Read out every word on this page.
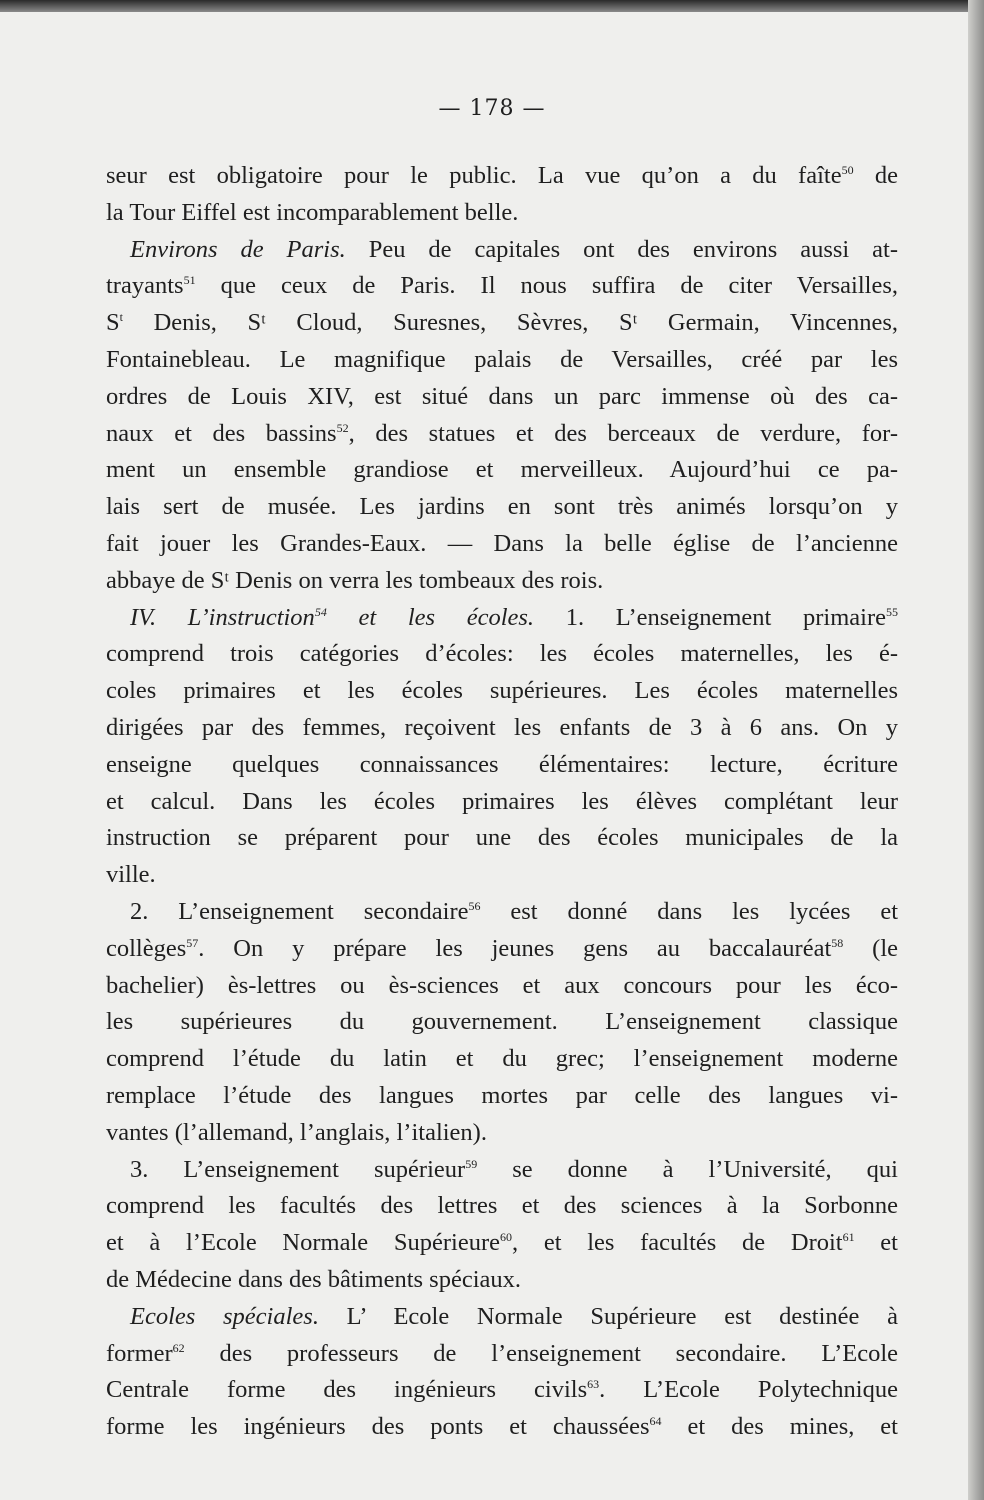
— 178 —
seur est obligatoire pour le public. La vue qu’on a du faîte$^{50}$ de
la Tour Eiffel est incomparablement belle.
Environs de Paris. Peu de capitales ont des environs aussi at-
trayants$^{51}$ que ceux de Paris. Il nous suffira de citer Versailles,
$S^t$ Denis, Sᵗ Cloud, Suresnes, Sèvres, Sᵗ Germain, Vincennes,
Fontainebleau. Le magnifique palais de Versailles, créé par les
ordres de Louis XIV, est situé dans un parc immense où des ca-
naux et des bassins$^{52}$, des statues et des berceaux de verdure, for-
ment un ensemble grandiose et merveilleux. Aujourd’hui ce pa-
lais sert de musée. Les jardins en sont très animés lorsqu’on y
fait jouer les Grandes-Eaux. — Dans la belle église de l’ancienne
abbaye de Sᵗ Denis on verra les tombeaux des rois.
IV. L’instruction$^{54}$ et les écoles. 1. L’enseignement primaire$^{55}$
comprend trois catégories d’écoles: les écoles maternelles, les é-
coles primaires et les écoles supérieures. Les écoles maternelles
dirigées par des femmes, reçoivent les enfants de 3 à 6 ans. On y
enseigne quelques connaissances élémentaires: lecture, écriture
et calcul. Dans les écoles primaires les élèves complétant leur
instruction se préparent pour une des écoles municipales de la
ville.
2. L’enseignement secondaire$^{56}$ est donné dans les lycées et
collèges$^{57}$. On y prépare les jeunes gens au baccalauréat$^{58}$ (le
bachelier) ès-lettres ou ès-sciences et aux concours pour les éco-
les supérieures du gouvernement. L’enseignement classique
comprend l’étude du latin et du grec; l’enseignement moderne
remplace l’étude des langues mortes par celle des langues vi-
vantes (l’allemand, l’anglais, l’italien).
3. L’enseignement supérieur$^{59}$ se donne à l’Université, qui
comprend les facultés des lettres et des sciences à la Sorbonne
et à l’Ecole Normale Supérieure$^{60}$, et les facultés de Droit$^{61}$ et
de Médecine dans des bâtiments spéciaux.
Ecoles spéciales. L’ Ecole Normale Supérieure est destinée à
former$^{62}$ des professeurs de l’enseignement secondaire. L’Ecole
Centrale forme des ingénieurs civils$^{63}$. L’Ecole Polytechnique
forme les ingénieurs des ponts et chaussées$^{64}$ et des mines, et
